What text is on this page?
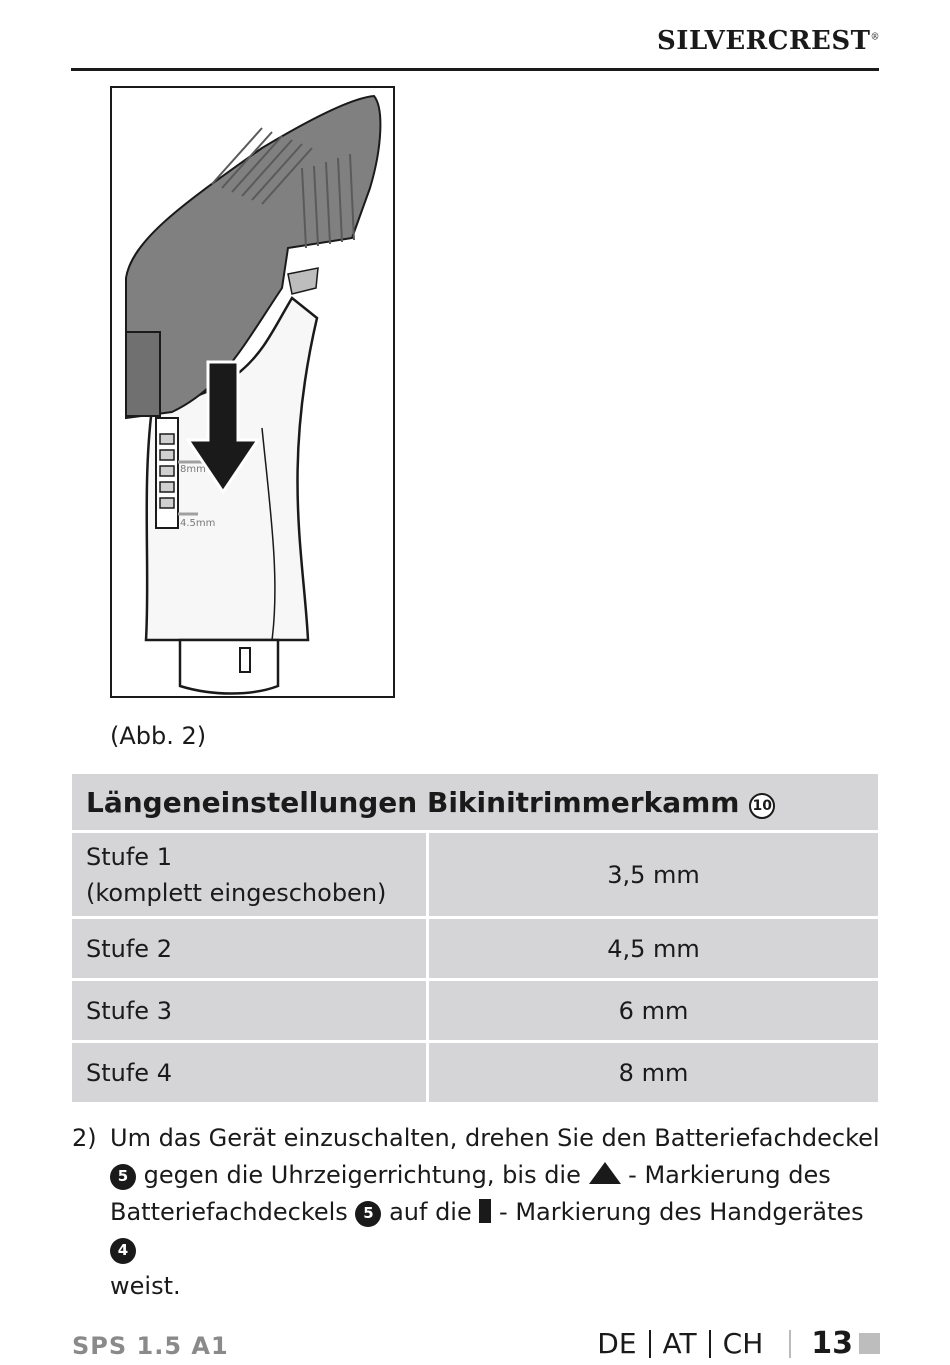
SILVERCREST®
8mm
4.5mm
(Abb. 2)
Längeneinstellungen Bikinitrimmerkamm 10	
Stufe 1
(komplett eingeschoben)	3,5 mm
Stufe 2	4,5 mm
Stufe 3	6 mm
Stufe 4	8 mm
2) Um das Gerät einzuschalten, drehen Sie den Batteriefachdeckel 5 gegen die Uhrzeigerrichtung, bis die - Markierung des Batteriefachdeckels 5 auf die - Markierung des Handgerätes 4
weist.
SPS 1.5 A1	DE AT CH 13
